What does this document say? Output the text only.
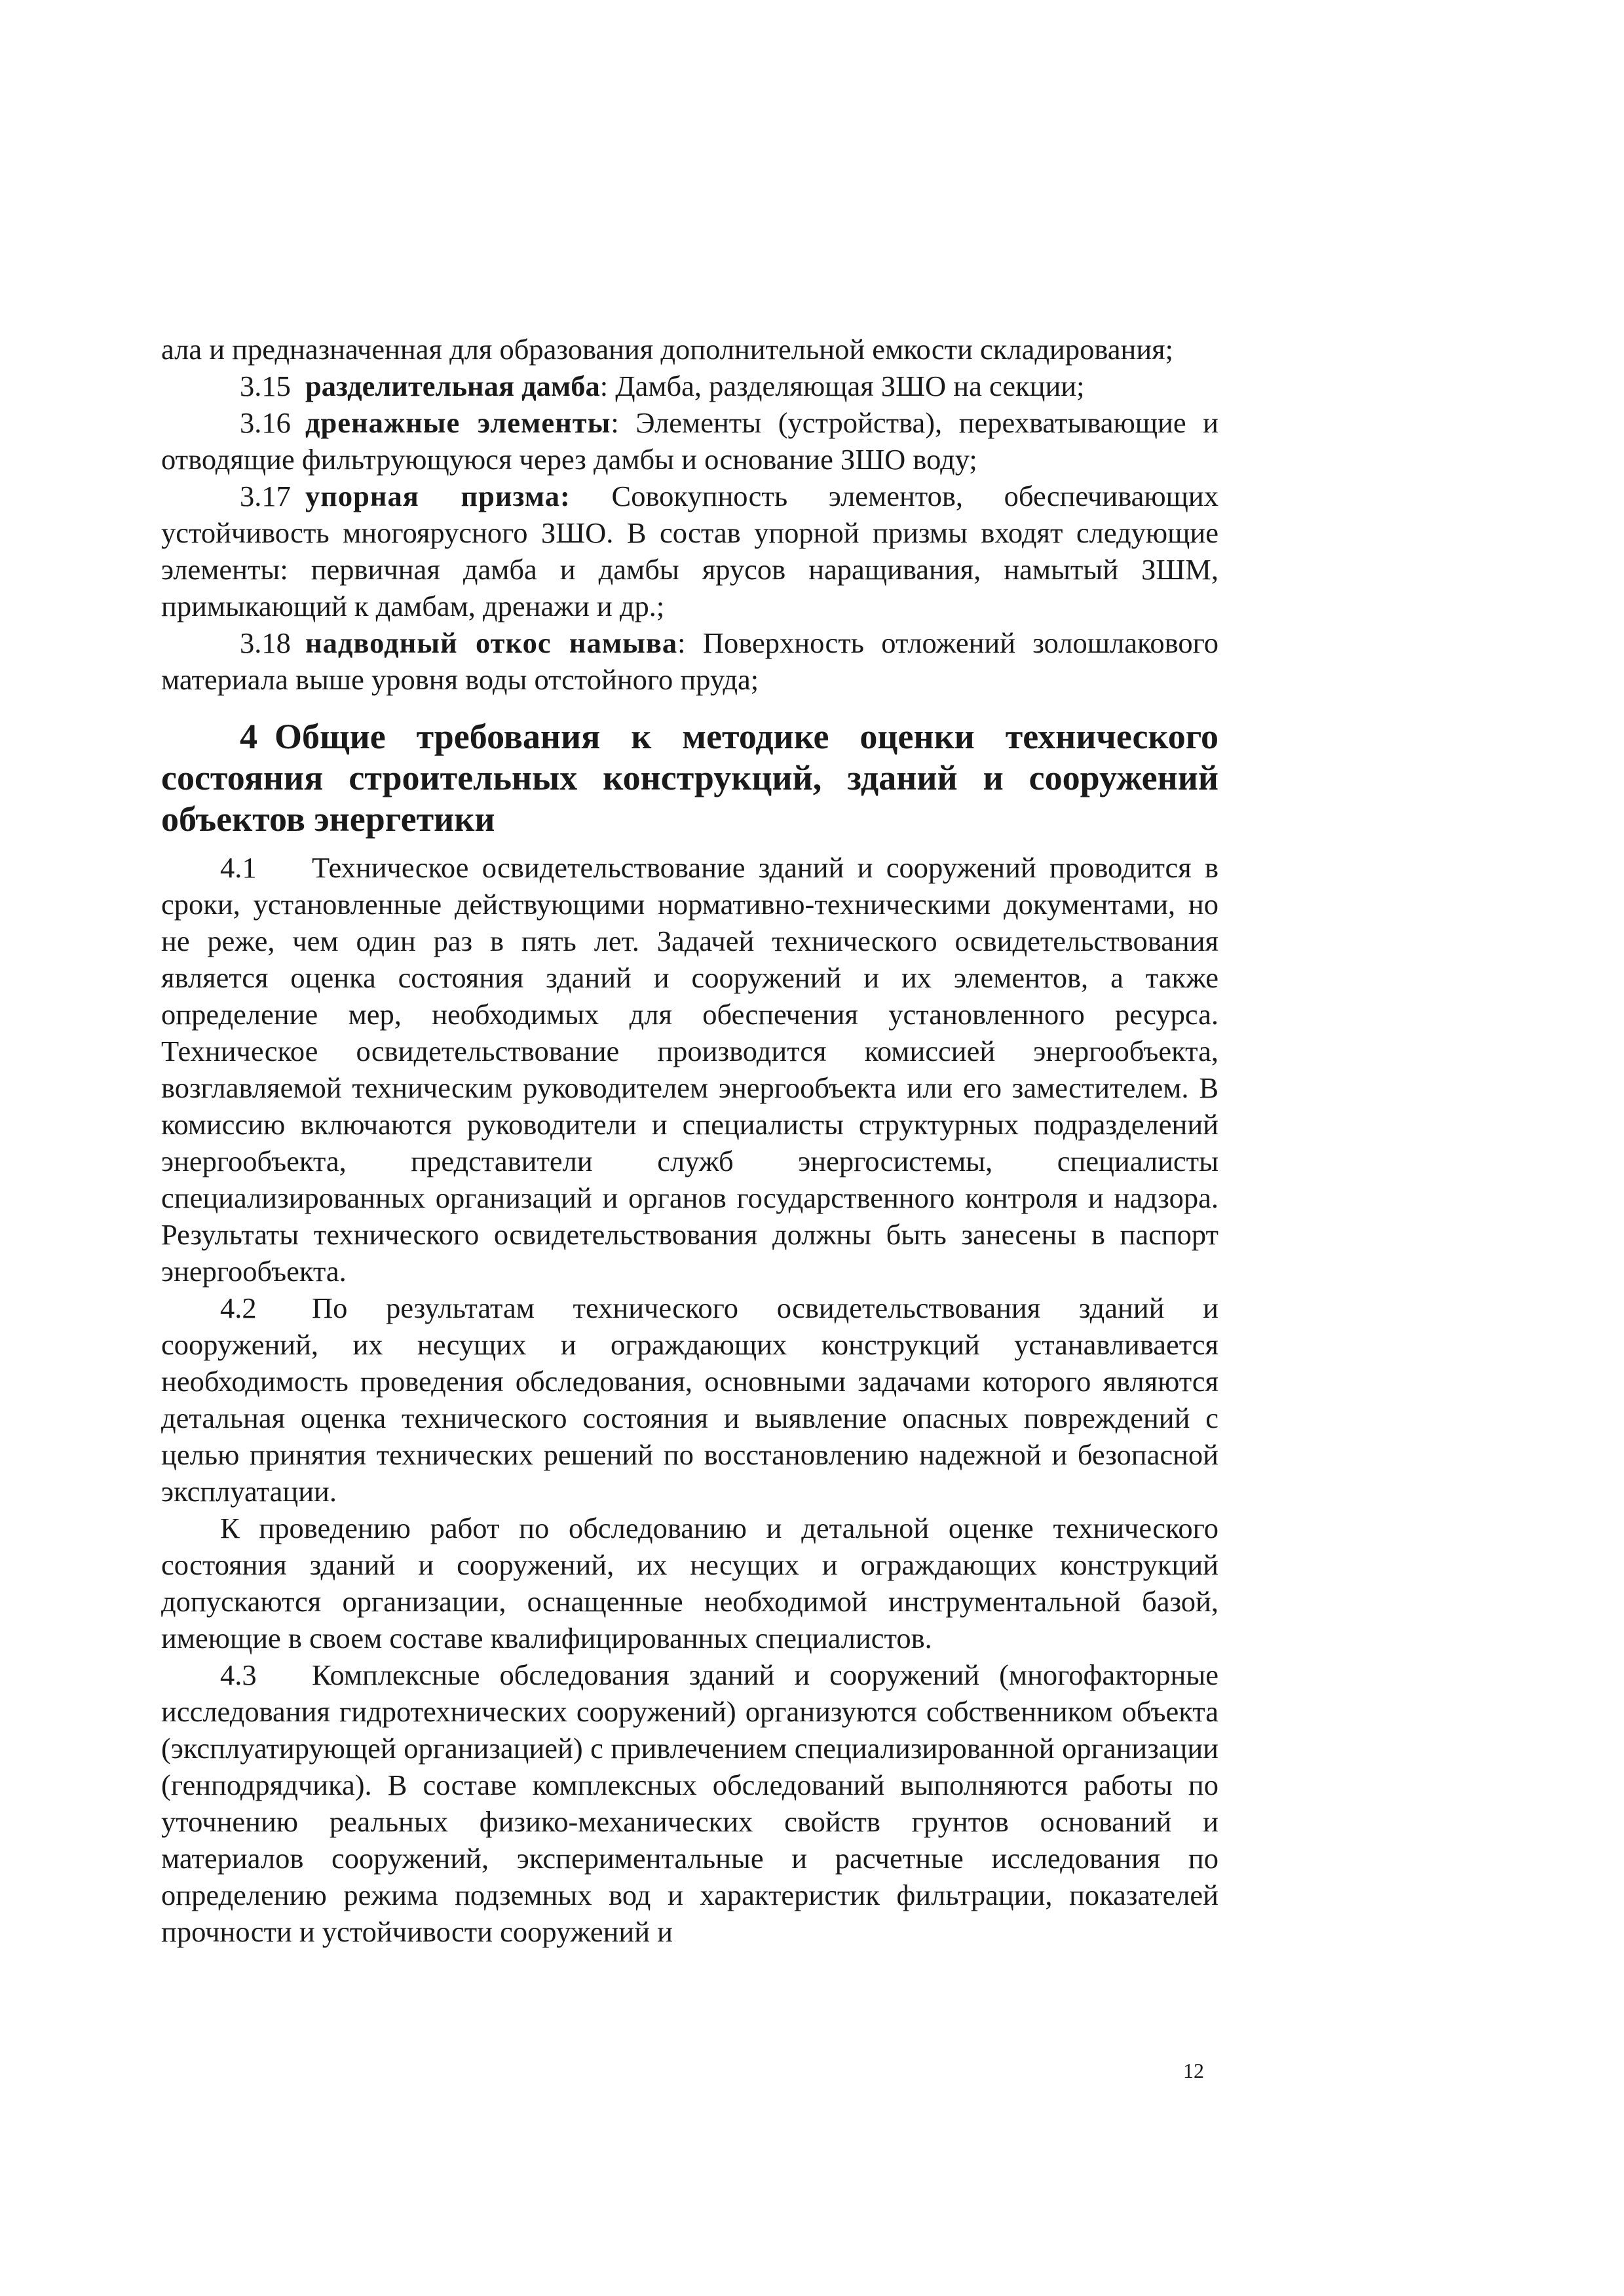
ала и предназначенная для образования дополнительной емкости складирования;

3.15 разделительная дамба: Дамба, разделяющая ЗШО на секции;

3.16 дренажные элементы: Элементы (устройства), перехватывающие и отводящие фильтрующуюся через дамбы и основание ЗШО воду;

3.17 упорная призма: Совокупность элементов, обеспечивающих устойчивость многоярусного ЗШО. В состав упорной призмы входят следующие элементы: первичная дамба и дамбы ярусов наращивания, намытый ЗШМ, примыкающий к дамбам, дренажи и др.;

3.18 надводный откос намыва: Поверхность отложений золошлакового материала выше уровня воды отстойного пруда;

4 Общие требования к методике оценки технического состояния строительных конструкций, зданий и сооружений объектов энергетики

4.1 Техническое освидетельствование зданий и сооружений проводится в сроки, установленные действующими нормативно-техническими документами, но не реже, чем один раз в пять лет. Задачей технического освидетельствования является оценка состояния зданий и сооружений и их элементов, а также определение мер, необходимых для обеспечения установленного ресурса. Техническое освидетельствование производится комиссией энергообъекта, возглавляемой техническим руководителем энергообъекта или его заместителем. В комиссию включаются руководители и специалисты структурных подразделений энергообъекта, представители служб энергосистемы, специалисты специализированных организаций и органов государственного контроля и надзора. Результаты технического освидетельствования должны быть занесены в паспорт энергообъекта.

4.2 По результатам технического освидетельствования зданий и сооружений, их несущих и ограждающих конструкций устанавливается необходимость проведения обследования, основными задачами которого являются детальная оценка технического состояния и выявление опасных повреждений с целью принятия технических решений по восстановлению надежной и безопасной эксплуатации.

К проведению работ по обследованию и детальной оценке технического состояния зданий и сооружений, их несущих и ограждающих конструкций допускаются организации, оснащенные необходимой инструментальной базой, имеющие в своем составе квалифицированных специалистов.

4.3 Комплексные обследования зданий и сооружений (многофакторные исследования гидротехнических сооружений) организуются собственником объекта (эксплуатирующей организацией) с привлечением специализированной организации (генподрядчика). В составе комплексных обследований выполняются работы по уточнению реальных физико-механических свойств грунтов оснований и материалов сооружений, экспериментальные и расчетные исследования по определению режима подземных вод и характеристик фильтрации, показателей прочности и устойчивости сооружений и

12
